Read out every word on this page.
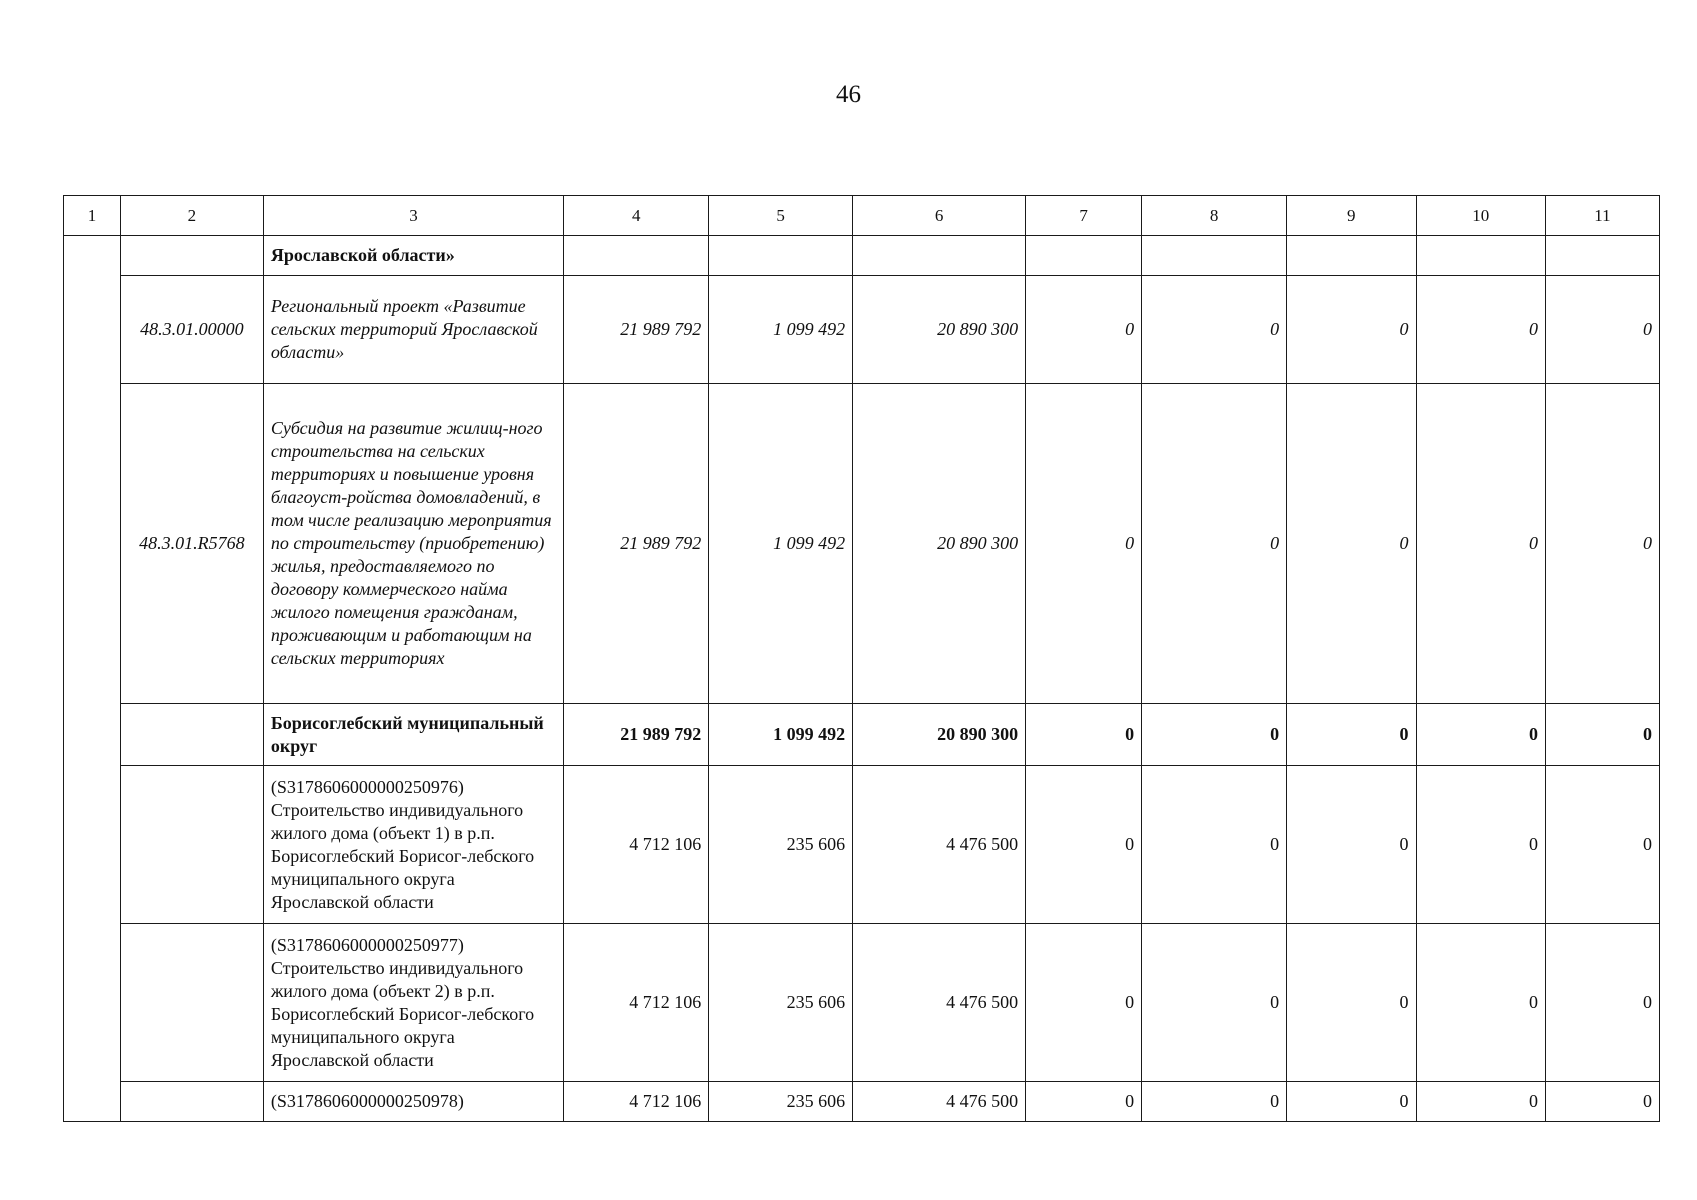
46
1	2	3	4	5	6	7	8	9	10	11
		Ярославской области»								
	48.3.01.00000	Региональный проект «Развитие сельских территорий Ярославской области»	21 989 792	1 099 492	20 890 300	0	0	0	0	0
	48.3.01.R5768	Субсидия на развитие жилищ-ного строительства на сельских территориях и повышение уровня благоуст-ройства домовладений, в том числе реализацию мероприятия по строительству (приобретению) жилья, предоставляемого по договору коммерческого найма жилого помещения гражданам, проживающим и работающим на сельских территориях	21 989 792	1 099 492	20 890 300	0	0	0	0	0
		Борисоглебский муниципальный округ	21 989 792	1 099 492	20 890 300	0	0	0	0	0
		(S3178606000000250976) Строительство индивидуального жилого дома (объект 1) в р.п. Борисоглебский Борисог-лебского муниципального округа Ярославской области	4 712 106	235 606	4 476 500	0	0	0	0	0
		(S3178606000000250977) Строительство индивидуального жилого дома (объект 2) в р.п. Борисоглебский Борисог-лебского муниципального округа Ярославской области	4 712 106	235 606	4 476 500	0	0	0	0	0
		(S3178606000000250978)	4 712 106	235 606	4 476 500	0	0	0	0	0
